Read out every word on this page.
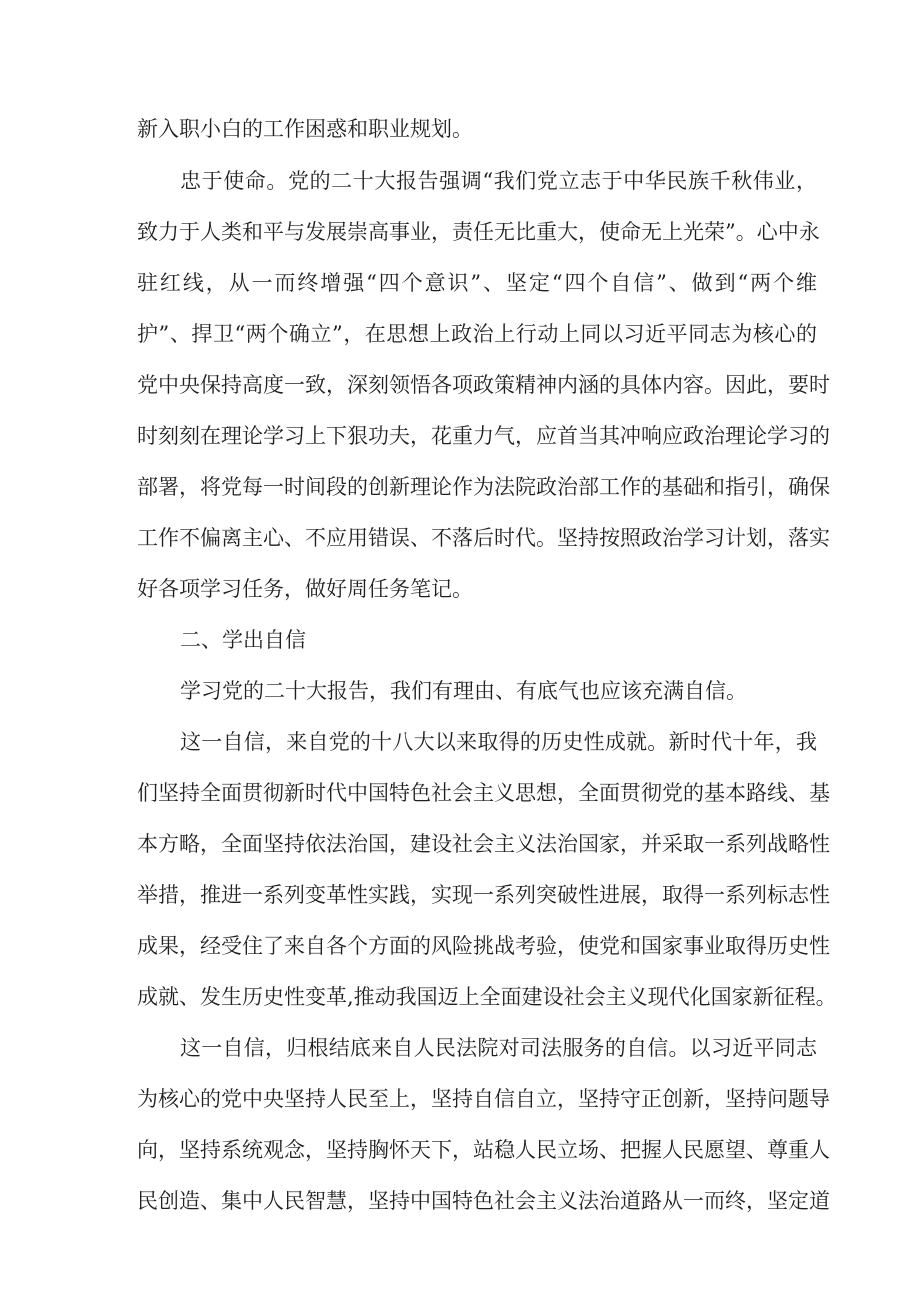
新入职小白的工作困惑和职业规划。
忠于使命。党的二十大报告强调“我们党立志于中华民族千秋伟业，
致力于人类和平与发展崇高事业，责任无比重大，使命无上光荣”。心中永
驻红线，从一而终增强“四个意识”、坚定“四个自信”、做到“两个维
护”、捍卫“两个确立”，在思想上政治上行动上同以习近平同志为核心的
党中央保持高度一致，深刻领悟各项政策精神内涵的具体内容。因此，要时
时刻刻在理论学习上下狠功夫，花重力气，应首当其冲响应政治理论学习的
部署，将党每一时间段的创新理论作为法院政治部工作的基础和指引，确保
工作不偏离主心、不应用错误、不落后时代。坚持按照政治学习计划，落实
好各项学习任务，做好周任务笔记。
二、学出自信
学习党的二十大报告，我们有理由、有底气也应该充满自信。
这一自信，来自党的十八大以来取得的历史性成就。新时代十年，我
们坚持全面贯彻新时代中国特色社会主义思想，全面贯彻党的基本路线、基
本方略，全面坚持依法治国，建设社会主义法治国家，并采取一系列战略性
举措，推进一系列变革性实践，实现一系列突破性进展，取得一系列标志性
成果，经受住了来自各个方面的风险挑战考验，使党和国家事业取得历史性
成就、发生历史性变革,推动我国迈上全面建设社会主义现代化国家新征程。
这一自信，归根结底来自人民法院对司法服务的自信。以习近平同志
为核心的党中央坚持人民至上，坚持自信自立，坚持守正创新，坚持问题导
向，坚持系统观念，坚持胸怀天下，站稳人民立场、把握人民愿望、尊重人
民创造、集中人民智慧，坚持中国特色社会主义法治道路从一而终，坚定道
